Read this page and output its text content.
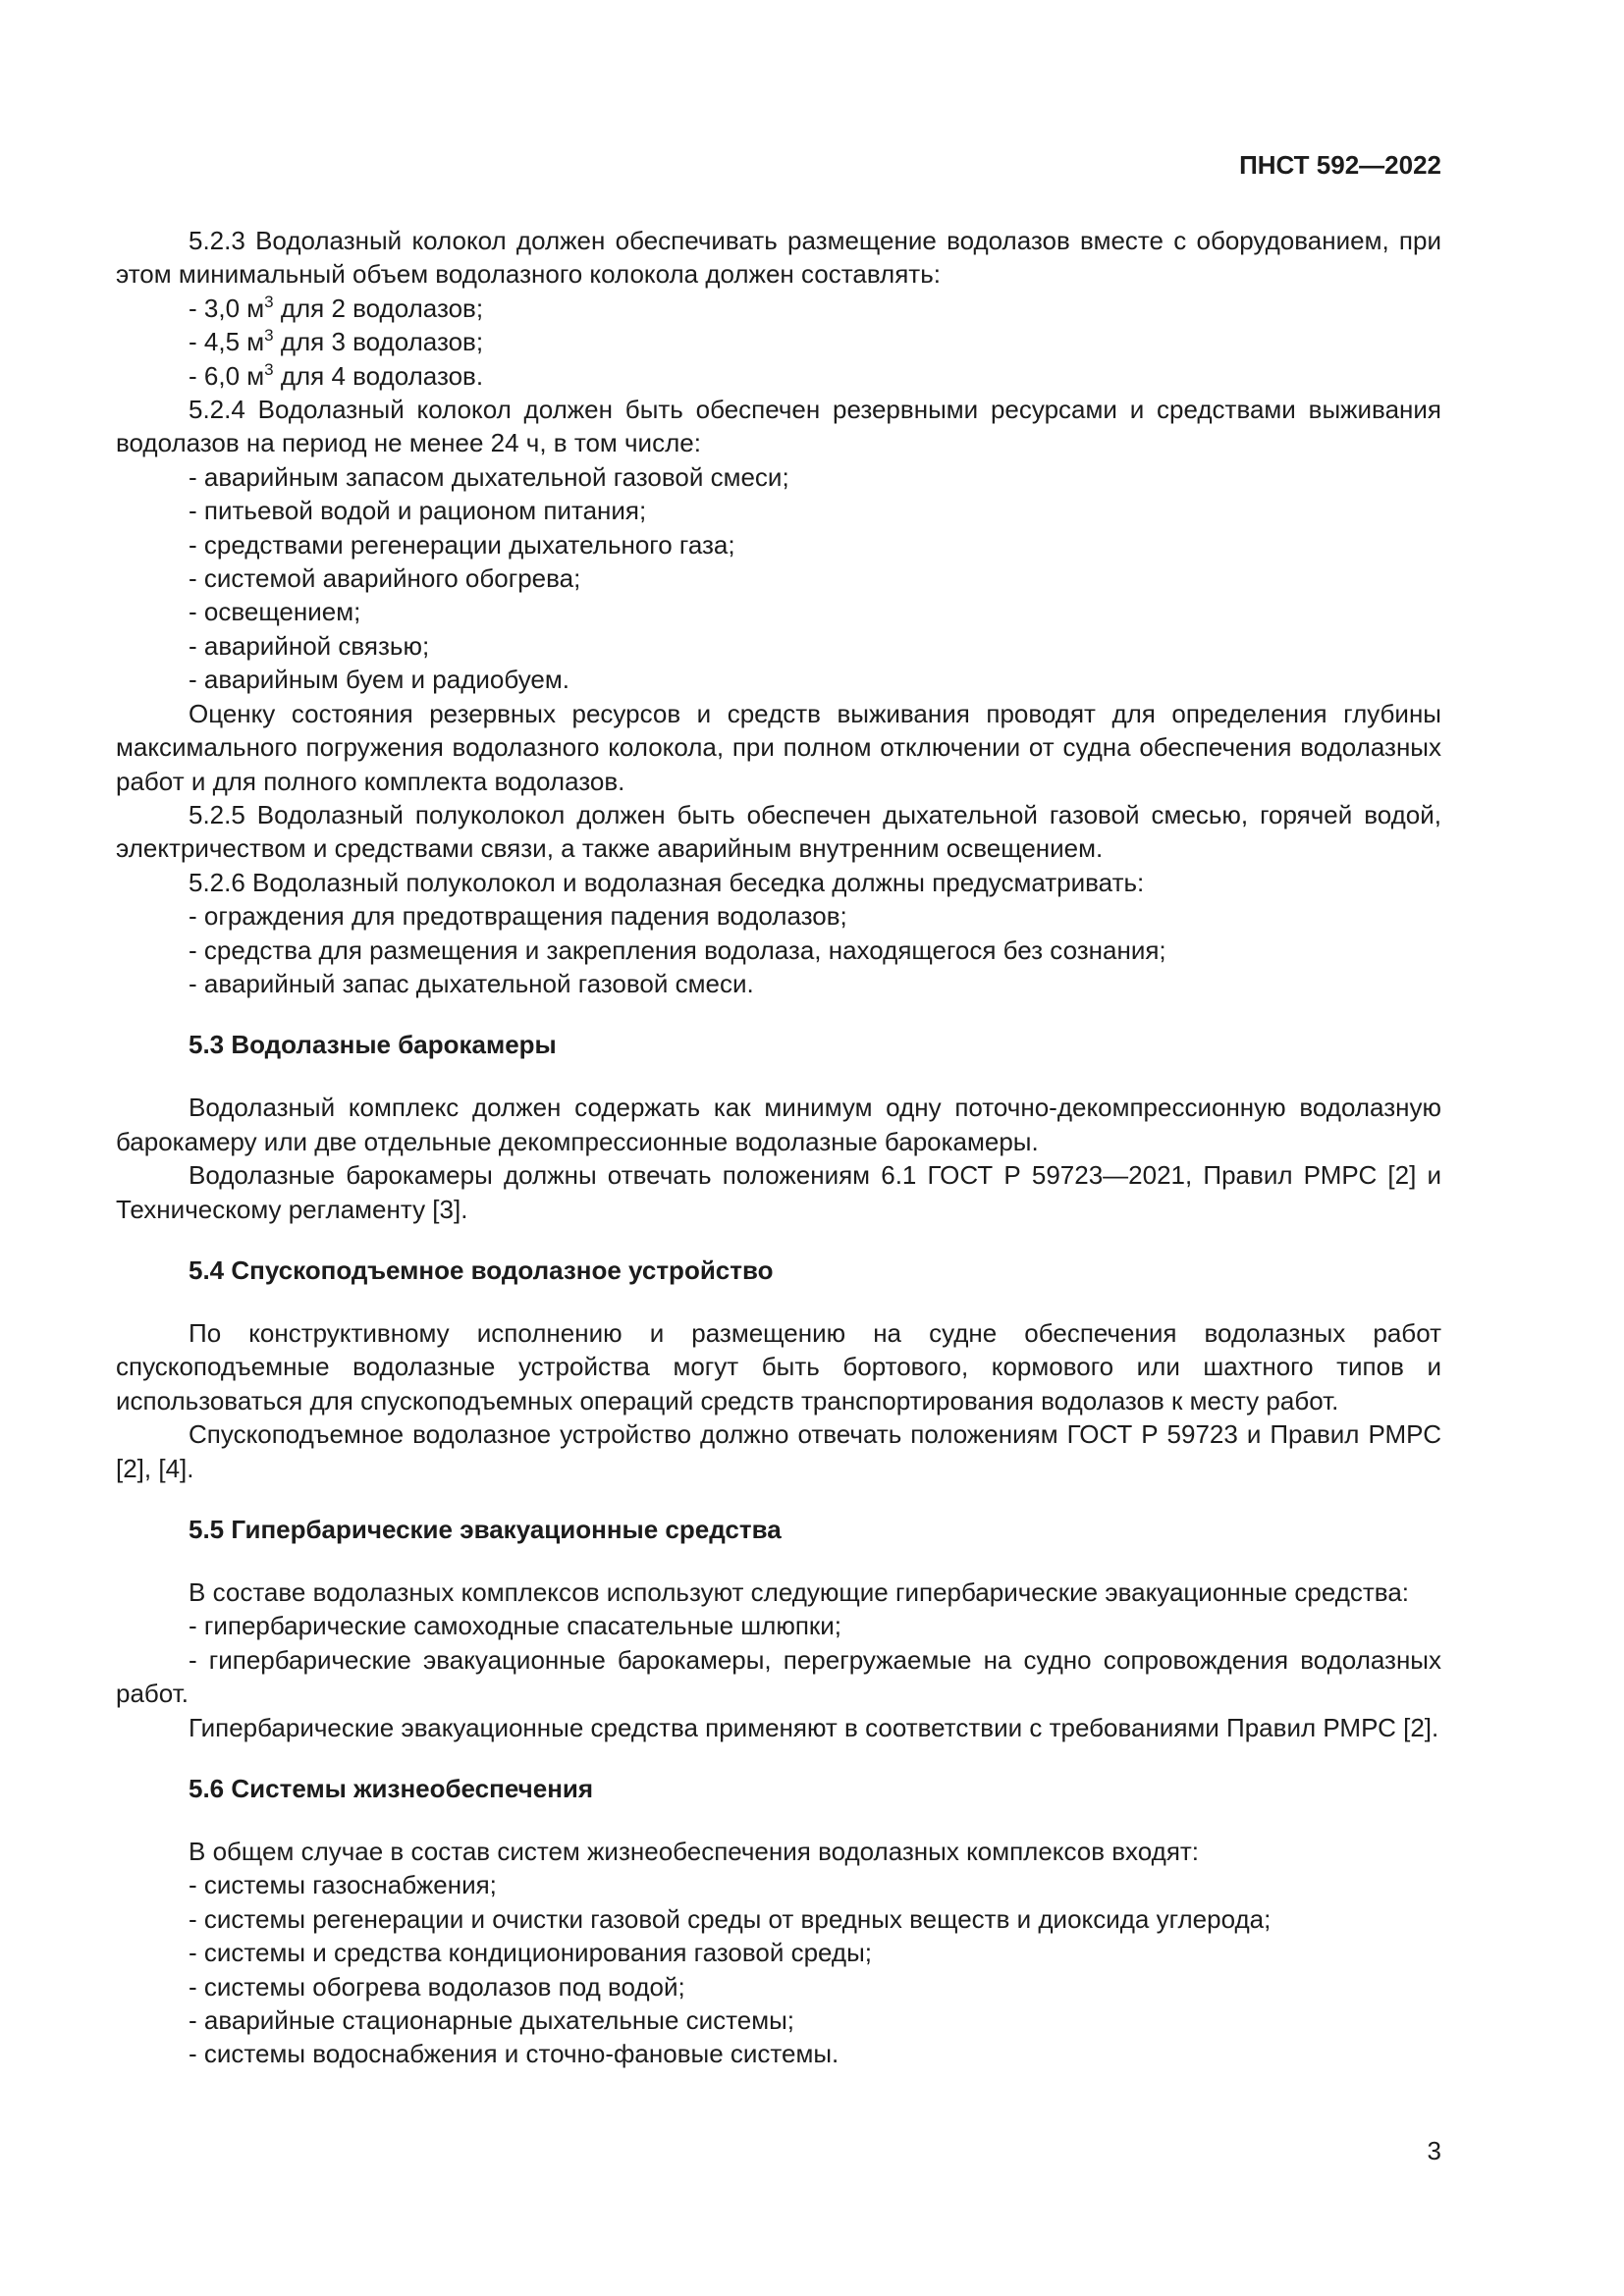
ПНСТ 592—2022

5.2.3 Водолазный колокол должен обеспечивать размещение водолазов вместе с оборудованием, при этом минимальный объем водолазного колокола должен составлять:

- 3,0 $м^3$ для 2 водолазов;

- 4,5 $м^3$ для 3 водолазов;

- 6,0 $м^3$ для 4 водолазов.

5.2.4 Водолазный колокол должен быть обеспечен резервными ресурсами и средствами выживания водолазов на период не менее 24 ч, в том числе:

- аварийным запасом дыхательной газовой смеси;

- питьевой водой и рационом питания;

- средствами регенерации дыхательного газа;

- системой аварийного обогрева;

- освещением;

- аварийной связью;

- аварийным буем и радиобуем.

Оценку состояния резервных ресурсов и средств выживания проводят для определения глубины максимального погружения водолазного колокола, при полном отключении от судна обеспечения водолазных работ и для полного комплекта водолазов.

5.2.5 Водолазный полуколокол должен быть обеспечен дыхательной газовой смесью, горячей водой, электричеством и средствами связи, а также аварийным внутренним освещением.

5.2.6 Водолазный полуколокол и водолазная беседка должны предусматривать:

- ограждения для предотвращения падения водолазов;

- средства для размещения и закрепления водолаза, находящегося без сознания;

- аварийный запас дыхательной газовой смеси.

5.3 Водолазные барокамеры

Водолазный комплекс должен содержать как минимум одну поточно-декомпрессионную водолазную барокамеру или две отдельные декомпрессионные водолазные барокамеры.

Водолазные барокамеры должны отвечать положениям 6.1 ГОСТ Р 59723—2021, Правил РМРС [2] и Техническому регламенту [3].

5.4 Спускоподъемное водолазное устройство

По конструктивному исполнению и размещению на судне обеспечения водолазных работ спускоподъемные водолазные устройства могут быть бортового, кормового или шахтного типов и использоваться для спускоподъемных операций средств транспортирования водолазов к месту работ.

Спускоподъемное водолазное устройство должно отвечать положениям ГОСТ Р 59723 и Правил РМРС [2], [4].

5.5 Гипербарические эвакуационные средства

В составе водолазных комплексов используют следующие гипербарические эвакуационные средства:

- гипербарические самоходные спасательные шлюпки;

- гипербарические эвакуационные барокамеры, перегружаемые на судно сопровождения водолазных работ.

Гипербарические эвакуационные средства применяют в соответствии с требованиями Правил РМРС [2].

5.6 Системы жизнеобеспечения

В общем случае в состав систем жизнеобеспечения водолазных комплексов входят:

- системы газоснабжения;

- системы регенерации и очистки газовой среды от вредных веществ и диоксида углерода;

- системы и средства кондиционирования газовой среды;

- системы обогрева водолазов под водой;

- аварийные стационарные дыхательные системы;

- системы водоснабжения и сточно-фановые системы.

3
